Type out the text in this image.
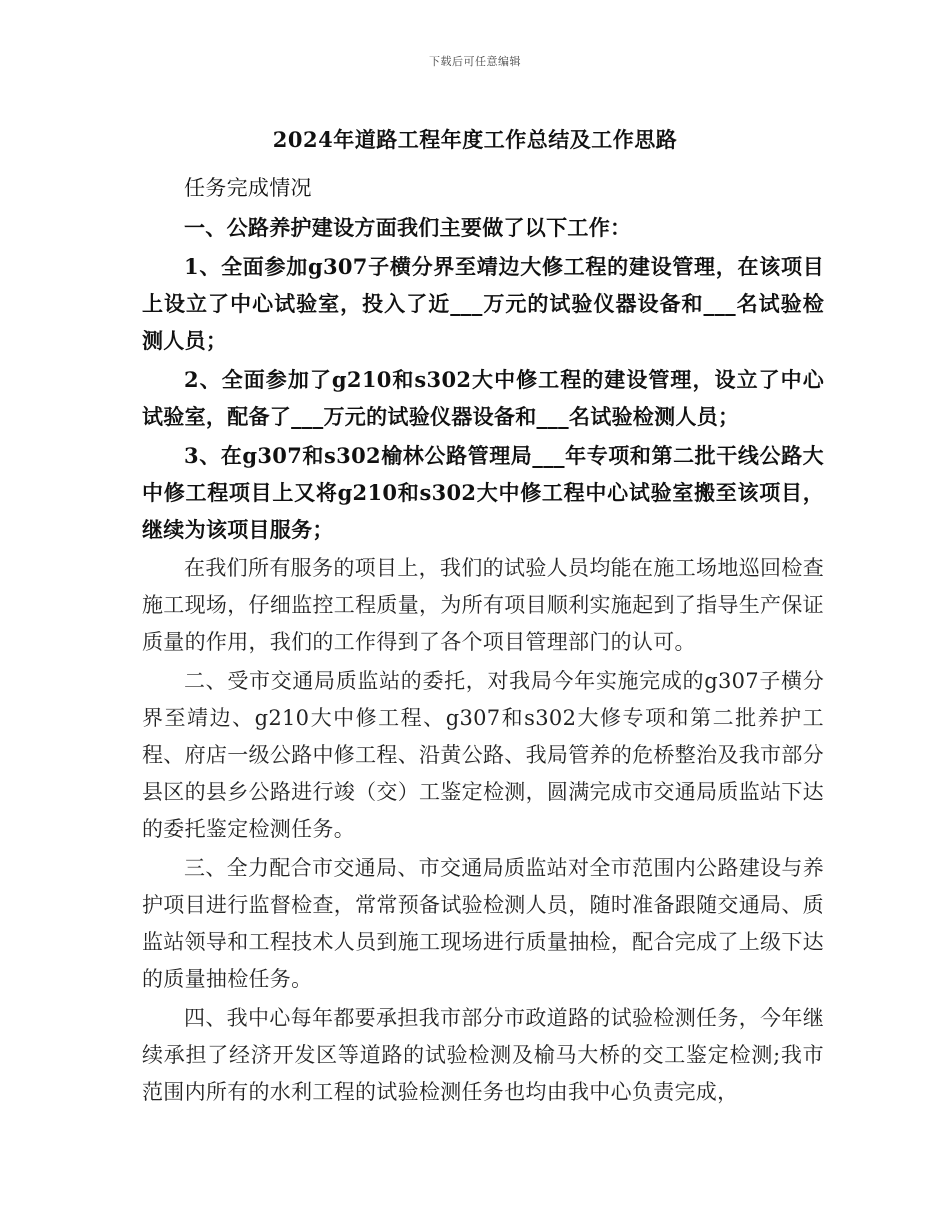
下载后可任意编辑
2024年道路工程年度工作总结及工作思路

任务完成情况

一、公路养护建设方面我们主要做了以下工作：

1、全面参加g307子横分界至靖边大修工程的建设管理，在该项目上设立了中心试验室，投入了近___万元的试验仪器设备和___名试验检测人员；

2、全面参加了g210和s302大中修工程的建设管理，设立了中心试验室，配备了___万元的试验仪器设备和___名试验检测人员；

3、在g307和s302榆林公路管理局___年专项和第二批干线公路大中修工程项目上又将g210和s302大中修工程中心试验室搬至该项目，继续为该项目服务；

在我们所有服务的项目上，我们的试验人员均能在施工场地巡回检查施工现场，仔细监控工程质量，为所有项目顺利实施起到了指导生产保证质量的作用，我们的工作得到了各个项目管理部门的认可。

二、受市交通局质监站的委托，对我局今年实施完成的g307子横分界至靖边、g210大中修工程、g307和s302大修专项和第二批养护工程、府店一级公路中修工程、沿黄公路、我局管养的危桥整治及我市部分县区的县乡公路进行竣（交）工鉴定检测，圆满完成市交通局质监站下达的委托鉴定检测任务。

三、全力配合市交通局、市交通局质监站对全市范围内公路建设与养护项目进行监督检查，常常预备试验检测人员，随时准备跟随交通局、质监站领导和工程技术人员到施工现场进行质量抽检，配合完成了上级下达的质量抽检任务。

四、我中心每年都要承担我市部分市政道路的试验检测任务，今年继续承担了经济开发区等道路的试验检测及榆马大桥的交工鉴定检测;我市范围内所有的水利工程的试验检测任务也均由我中心负责完成，
